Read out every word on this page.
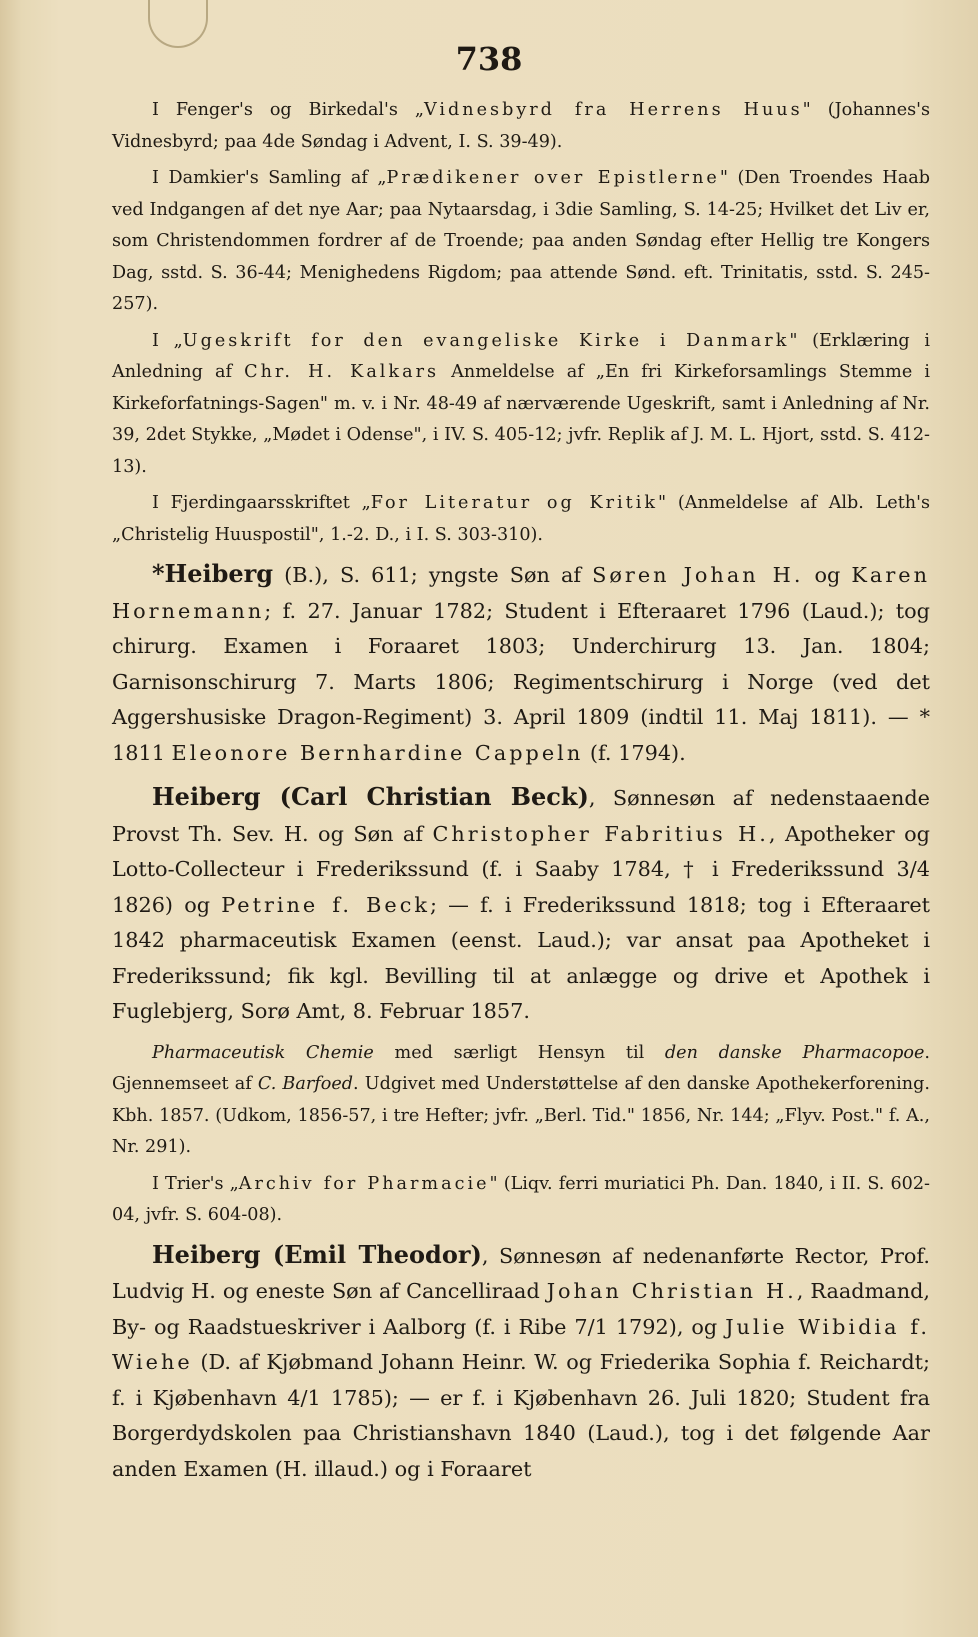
738

I Fenger's og Birkedal's „Vidnesbyrd fra Herrens Huus" (Johannes's Vidnesbyrd; paa 4de Søndag i Advent, I. S. 39-49).

I Damkier's Samling af „Prædikener over Epistlerne" (Den Troendes Haab ved Indgangen af det nye Aar; paa Nytaarsdag, i 3die Samling, S. 14-25; Hvilket det Liv er, som Christendommen fordrer af de Troende; paa anden Søndag efter Hellig tre Kongers Dag, sstd. S. 36-44; Menighedens Rigdom; paa attende Sønd. eft. Trinitatis, sstd. S. 245-257).

I „Ugeskrift for den evangeliske Kirke i Danmark" (Erklæring i Anledning af Chr. H. Kalkars Anmeldelse af „En fri Kirkeforsamlings Stemme i Kirkeforfatnings-Sagen" m. v. i Nr. 48-49 af nærværende Ugeskrift, samt i Anledning af Nr. 39, 2det Stykke, „Mødet i Odense", i IV. S. 405-12; jvfr. Replik af J. M. L. Hjort, sstd. S. 412-13).

I Fjerdingaarsskriftet „For Literatur og Kritik" (Anmeldelse af Alb. Leth's „Christelig Huuspostil", 1.-2. D., i I. S. 303-310).

*Heiberg (B.), S. 611; yngste Søn af Søren Johan H. og Karen Hornemann; f. 27. Januar 1782; Student i Efteraaret 1796 (Laud.); tog chirurg. Examen i Foraaret 1803; Underchirurg 13. Jan. 1804; Garnisonschirurg 7. Marts 1806; Regimentschirurg i Norge (ved det Aggershusiske Dragon-Regiment) 3. April 1809 (indtil 11. Maj 1811). — * 1811 Eleonore Bernhardine Cappeln (f. 1794).

Heiberg (Carl Christian Beck), Sønnesøn af nedenstaaende Provst Th. Sev. H. og Søn af Christopher Fabritius H., Apotheker og Lotto-Collecteur i Frederikssund (f. i Saaby 1784, † i Frederikssund 3/4 1826) og Petrine f. Beck; — f. i Frederikssund 1818; tog i Efteraaret 1842 pharmaceutisk Examen (eenst. Laud.); var ansat paa Apotheket i Frederikssund; fik kgl. Bevilling til at anlægge og drive et Apothek i Fuglebjerg, Sorø Amt, 8. Februar 1857.

Pharmaceutisk Chemie med særligt Hensyn til den danske Pharmacopoe. Gjennemseet af C. Barfoed. Udgivet med Understøttelse af den danske Apothekerforening. Kbh. 1857. (Udkom, 1856-57, i tre Hefter; jvfr. „Berl. Tid." 1856, Nr. 144; „Flyv. Post." f. A., Nr. 291).

I Trier's „Archiv for Pharmacie" (Liqv. ferri muriatici Ph. Dan. 1840, i II. S. 602-04, jvfr. S. 604-08).

Heiberg (Emil Theodor), Sønnesøn af nedenanførte Rector, Prof. Ludvig H. og eneste Søn af Cancelliraad Johan Christian H., Raadmand, By- og Raadstueskriver i Aalborg (f. i Ribe 7/1 1792), og Julie Wibidia f. Wiehe (D. af Kjøbmand Johann Heinr. W. og Friederika Sophia f. Reichardt; f. i Kjøbenhavn 4/1 1785); — er f. i Kjøbenhavn 26. Juli 1820; Student fra Borgerdydskolen paa Christianshavn 1840 (Laud.), tog i det følgende Aar anden Examen (H. illaud.) og i Foraaret
